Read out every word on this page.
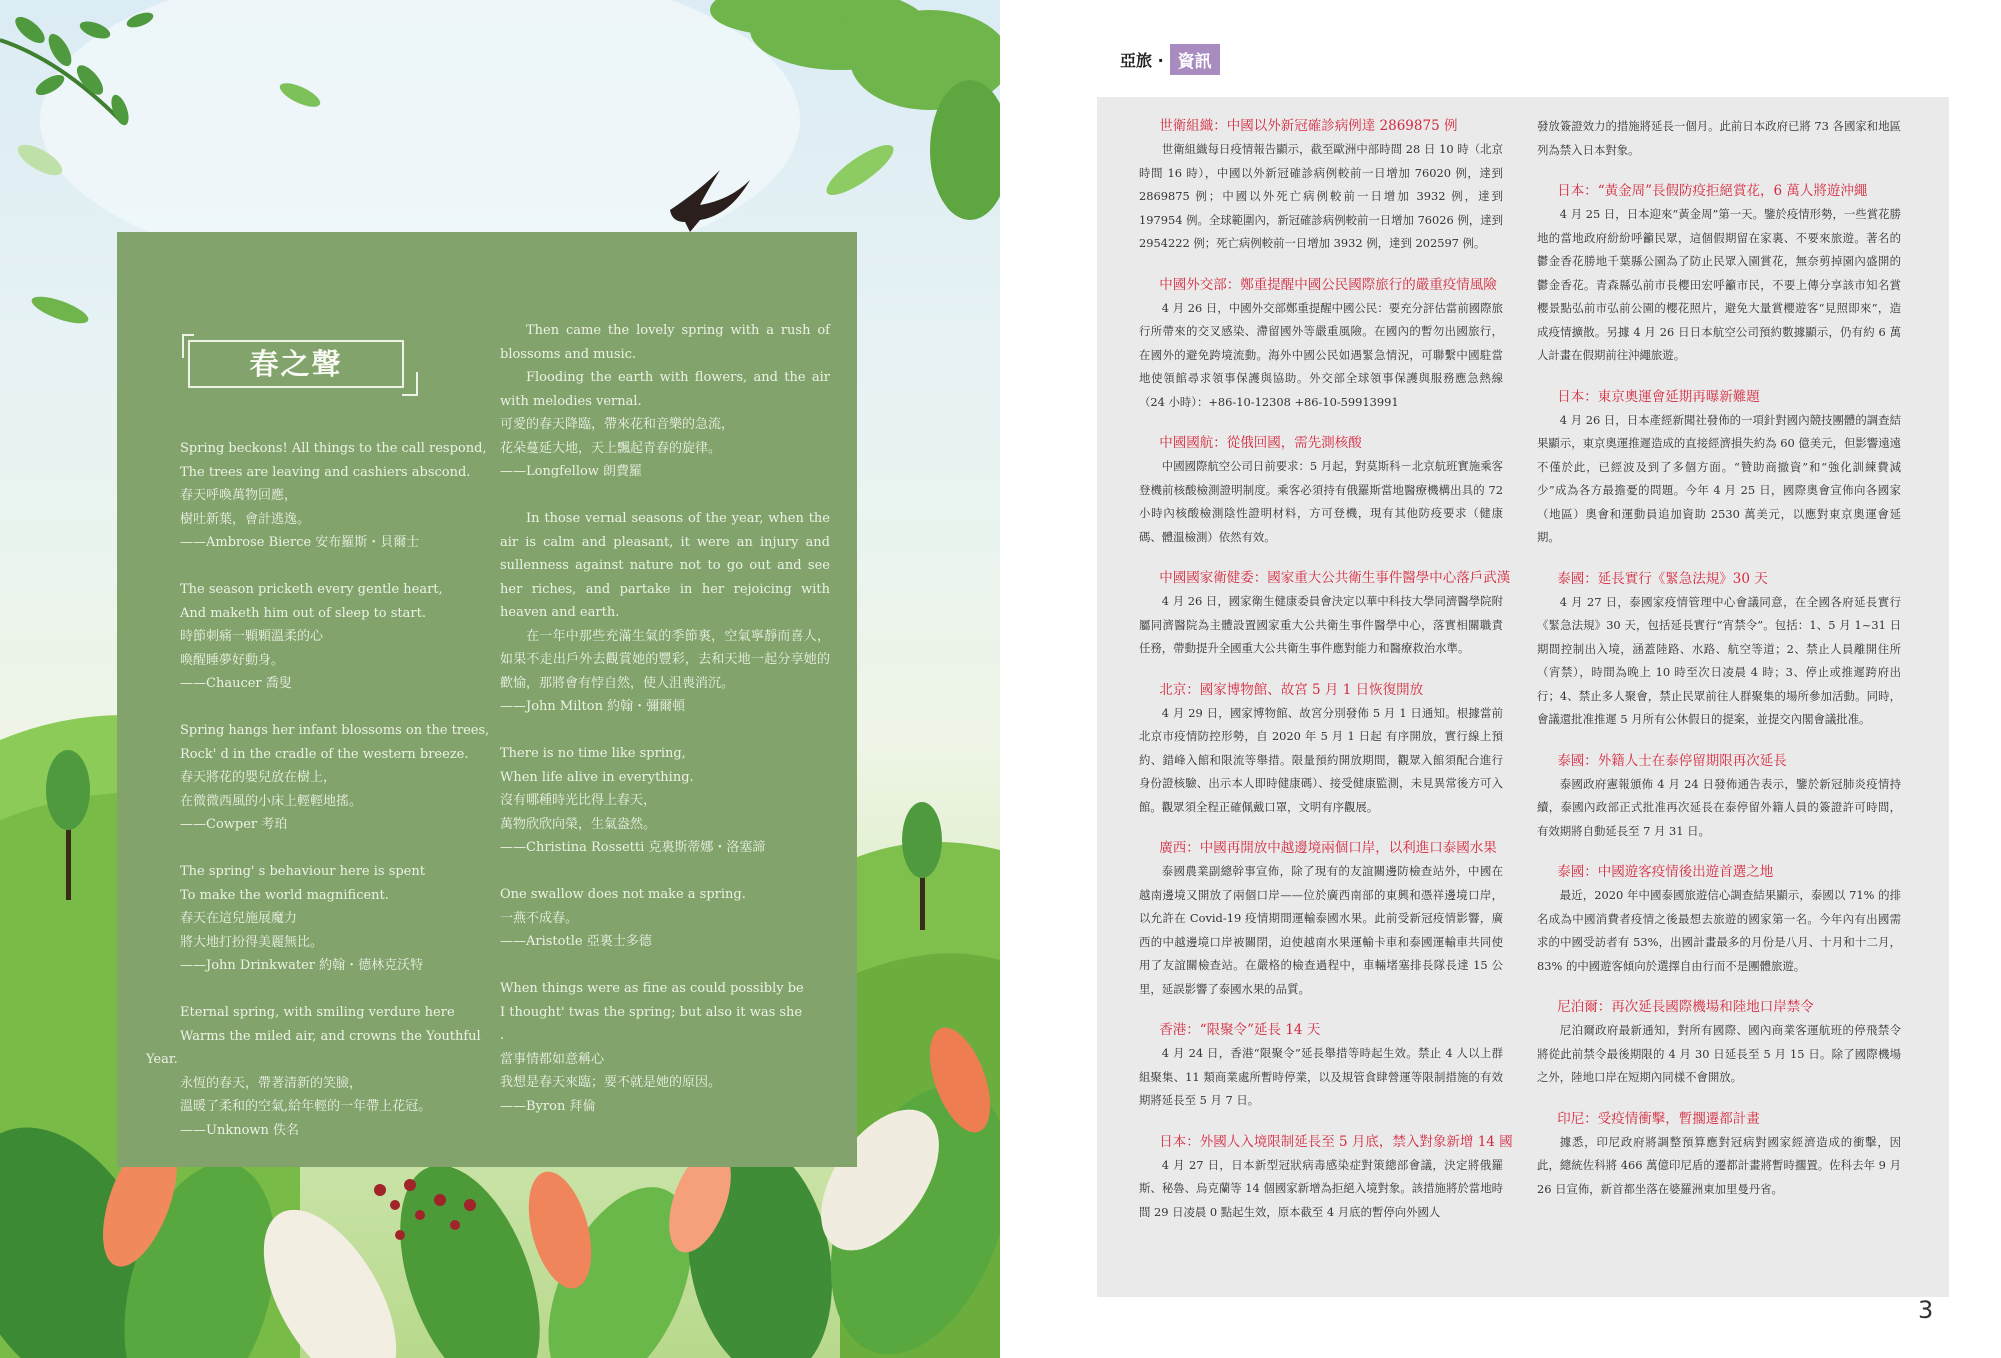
春之聲
Spring beckons! All things to the call respond,
The trees are leaving and cashiers abscond.
春天呼喚萬物回應，
樹吐新葉，會計逃逸。
——Ambrose Bierce 安布羅斯・貝爾士
The season pricketh every gentle heart,
And maketh him out of sleep to start.
時節刺痛一顆顆溫柔的心
喚醒睡夢好動身。
——Chaucer 喬叟
Spring hangs her infant blossoms on the trees,
Rock' d in the cradle of the western breeze.
春天將花的嬰兒放在樹上，
在微微西風的小床上輕輕地搖。
——Cowper 考珀
The spring' s behaviour here is spent
To make the world magnificent.
春天在這兒施展魔力
將大地打扮得美麗無比。
——John Drinkwater 約翰・德林克沃特
Eternal spring, with smiling verdure here
Warms the miled air, and crowns the Youthful
Year.
永恆的春天，帶著清新的笑臉，
溫暖了柔和的空氣,給年輕的一年帶上花冠。
——Unknown 佚名
Then came the lovely spring with a rush of blossoms and music.
Flooding the earth with flowers, and the air with melodies vernal.
可愛的春天降臨，帶來花和音樂的急流，
花朵蔓延大地，天上飄起青春的旋律。
——Longfellow 朗費羅
In those vernal seasons of the year, when the air is calm and pleasant, it were an injury and sullenness against nature not to go out and see her riches, and partake in her rejoicing with heaven and earth.
在一年中那些充滿生氣的季節裏，空氣寧靜而喜人，如果不走出戶外去觀賞她的豐彩，去和天地一起分享她的歡愉，那將會有悖自然，使人沮喪消沉。
——John Milton 約翰・彌爾頓
There is no time like spring,
When life alive in everything.
沒有哪種時光比得上春天，
萬物欣欣向榮，生氣盎然。
——Christina Rossetti 克裏斯蒂娜・洛塞諦
One swallow does not make a spring.
一燕不成春。
——Aristotle 亞裏士多德
When things were as fine as could possibly be
I thought' twas the spring; but also it was she
.
當事情都如意稱心
我想是春天來臨；要不就是她的原因。
——Byron 拜倫
亞旅 · 資訊
世衛組織：中國以外新冠確診病例達 2869875 例

世衛組織每日疫情報告顯示，截至歐洲中部時間 28 日 10 時（北京時間 16 時），中國以外新冠確診病例較前一日增加 76020 例，達到 2869875 例；中國以外死亡病例較前一日增加 3932 例，達到 197954 例。全球範圍內，新冠確診病例較前一日增加 76026 例，達到 2954222 例；死亡病例較前一日增加 3932 例，達到 202597 例。

中國外交部：鄭重提醒中國公民國際旅行的嚴重疫情風險

4 月 26 日，中國外交部鄭重提醒中國公民：要充分評估當前國際旅行所帶來的交叉感染、滯留國外等嚴重風險。在國內的暫勿出國旅行，在國外的避免跨境流動。海外中國公民如遇緊急情況，可聯繫中國駐當地使領館尋求領事保護與協助。外交部全球領事保護與服務應急熱線（24 小時）：+86-10-12308 +86-10-59913991

中國國航：從俄回國，需先測核酸

中國國際航空公司日前要求：5 月起，對莫斯科－北京航班實施乘客登機前核酸檢測證明制度。乘客必須持有俄羅斯當地醫療機構出具的 72 小時內核酸檢測陰性證明材料，方可登機，現有其他防疫要求（健康碼、體溫檢測）依然有效。

中國國家衛健委：國家重大公共衛生事件醫學中心落戶武漢

4 月 26 日，國家衛生健康委員會決定以華中科技大學同濟醫學院附屬同濟醫院為主體設置國家重大公共衛生事件醫學中心，落實相關職責任務，帶動提升全國重大公共衛生事件應對能力和醫療救治水準。

北京：國家博物館、故宮 5 月 1 日恢復開放

4 月 29 日，國家博物館、故宮分別發佈 5 月 1 日通知。根據當前北京市疫情防控形勢，自 2020 年 5 月 1 日起 有序開放，實行線上預約、錯峰入館和限流等舉措。限量預約開放期間，觀眾入館須配合進行身份證核驗、出示本人即時健康碼）、接受健康監測，未見異常後方可入館。觀眾須全程正確佩戴口罩，文明有序觀展。

廣西：中國再開放中越邊境兩個口岸，以利進口泰國水果

泰國農業副總幹事宣佈，除了現有的友誼關邊防檢查站外，中國在越南邊境又開放了兩個口岸——位於廣西南部的東興和憑祥邊境口岸，以允許在 Covid-19 疫情期間運輸泰國水果。此前受新冠疫情影響，廣西的中越邊境口岸被關閉，迫使越南水果運輸卡車和泰國運輸車共同使用了友誼關檢查站。在嚴格的檢查過程中，車輛堵塞排長隊長達 15 公里，延誤影響了泰國水果的品質。

香港：“限聚令”延長 14 天

4 月 24 日，香港“限聚令”延長舉措等時起生效。禁止 4 人以上群組聚集、11 類商業處所暫時停業，以及規管食肆營運等限制措施的有效期將延長至 5 月 7 日。

日本：外國人入境限制延長至 5 月底，禁入對象新增 14 國

4 月 27 日，日本新型冠狀病毒感染症對策總部會議，決定將俄羅斯、秘魯、烏克蘭等 14 個國家新增為拒絕入境對象。該措施將於當地時間 29 日凌晨 0 點起生效，原本截至 4 月底的暫停向外國人

發放簽證效力的措施將延長一個月。此前日本政府已將 73 各國家和地區列為禁入日本對象。

日本：“黃金周”長假防疫拒絕賞花，6 萬人將遊沖繩

4 月 25 日，日本迎來“黃金周”第一天。鑒於疫情形勢，一些賞花勝地的當地政府紛紛呼籲民眾，這個假期留在家裏、不要來旅遊。著名的鬱金香花勝地千葉縣公園為了防止民眾入園賞花，無奈剪掉園內盛開的鬱金香花。青森縣弘前市長櫻田宏呼籲市民，不要上傳分享該市知名賞櫻景點弘前市弘前公園的櫻花照片，避免大量賞櫻遊客“見照即來”，造成疫情擴散。另據 4 月 26 日日本航空公司預約數據顯示，仍有約 6 萬人計畫在假期前往沖繩旅遊。

日本：東京奧運會延期再曝新難題

4 月 26 日，日本產經新聞社發佈的一項針對國內競技團體的調查結果顯示，東京奧運推遲造成的直接經濟損失約為 60 億美元，但影響遠遠不僅於此，已經波及到了多個方面。“贊助商撤資”和“強化訓練費減少”成為各方最擔憂的問題。今年 4 月 25 日，國際奧會宣佈向各國家（地區）奧會和運動員追加資助 2530 萬美元，以應對東京奧運會延期。

泰國：延長實行《緊急法規》30 天

4 月 27 日，泰國家疫情管理中心會議同意，在全國各府延長實行《緊急法規》30 天，包括延長實行“宵禁令”。包括：1、5 月 1~31 日期間控制出入境，涵蓋陸路、水路、航空等道；2、禁止人員離開住所（宵禁），時間為晚上 10 時至次日凌晨 4 時；3、停止或推遲跨府出行；4、禁止多人聚會，禁止民眾前往人群聚集的場所參加活動。同時，會議還批准推遲 5 月所有公休假日的提案，並提交內閣會議批准。

泰國：外籍人士在泰停留期限再次延長

泰國政府憲報頒佈 4 月 24 日發佈通告表示，鑒於新冠肺炎疫情持續，泰國內政部正式批准再次延長在泰停留外籍人員的簽證許可時間，有效期將自動延長至 7 月 31 日。

泰國：中國遊客疫情後出遊首選之地

最近，2020 年中國泰國旅遊信心調查結果顯示，泰國以 71% 的排名成為中國消費者疫情之後最想去旅遊的國家第一名。今年內有出國需求的中國受訪者有 53%，出國計畫最多的月份是八月、十月和十二月，83% 的中國遊客傾向於選擇自由行而不是團體旅遊。

尼泊爾：再次延長國際機場和陸地口岸禁令

尼泊爾政府最新通知，對所有國際、國內商業客運航班的停飛禁令將從此前禁令最後期限的 4 月 30 日延長至 5 月 15 日。除了國際機場之外，陸地口岸在短期內同樣不會開放。

印尼：受疫情衝擊，暫擱遷都計畫

據悉，印尼政府將調整預算應對冠病對國家經濟造成的衝擊，因此，總統佐科將 466 萬億印尼盾的遷都計畫將暫時擱置。佐科去年 9 月 26 日宣佈，新首都坐落在婆羅洲東加里曼丹省。

3
